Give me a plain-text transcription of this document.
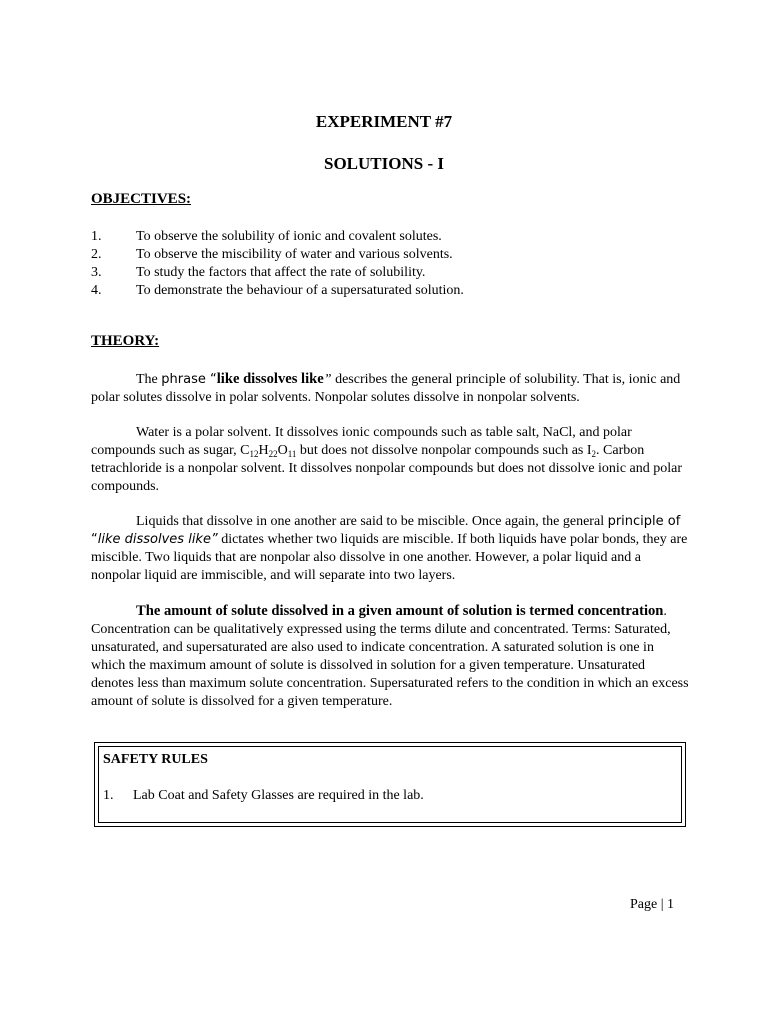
EXPERIMENT #7
SOLUTIONS - I
OBJECTIVES:
1.	To observe the solubility of ionic and covalent solutes.
2.	To observe the miscibility of water and various solvents.
3.	To study the factors that affect the rate of solubility.
4.	To demonstrate the behaviour of a supersaturated solution.
THEORY:

The phrase “like dissolves like” describes the general principle of solubility. That is, ionic and polar solutes dissolve in polar solvents. Nonpolar solutes dissolve in nonpolar solvents.

Water is a polar solvent. It dissolves ionic compounds such as table salt, NaCl, and polar compounds such as sugar, $C_{12}H_{22}O_{11}$ but does not dissolve nonpolar compounds such as $I_2$. Carbon tetrachloride is a nonpolar solvent. It dissolves nonpolar compounds but does not dissolve ionic and polar compounds.

Liquids that dissolve in one another are said to be miscible. Once again, the general principle of “like dissolves like” dictates whether two liquids are miscible. If both liquids have polar bonds, they are miscible. Two liquids that are nonpolar also dissolve in one another. However, a polar liquid and a nonpolar liquid are immiscible, and will separate into two layers.

The amount of solute dissolved in a given amount of solution is termed concentration. Concentration can be qualitatively expressed using the terms dilute and concentrated. Terms: Saturated, unsaturated, and supersaturated are also used to indicate concentration. A saturated solution is one in which the maximum amount of solute is dissolved in solution for a given temperature. Unsaturated denotes less than maximum solute concentration. Supersaturated refers to the condition in which an excess amount of solute is dissolved for a given temperature.

SAFETY RULES
1.	Lab Coat and Safety Glasses are required in the lab.
Page | 1
